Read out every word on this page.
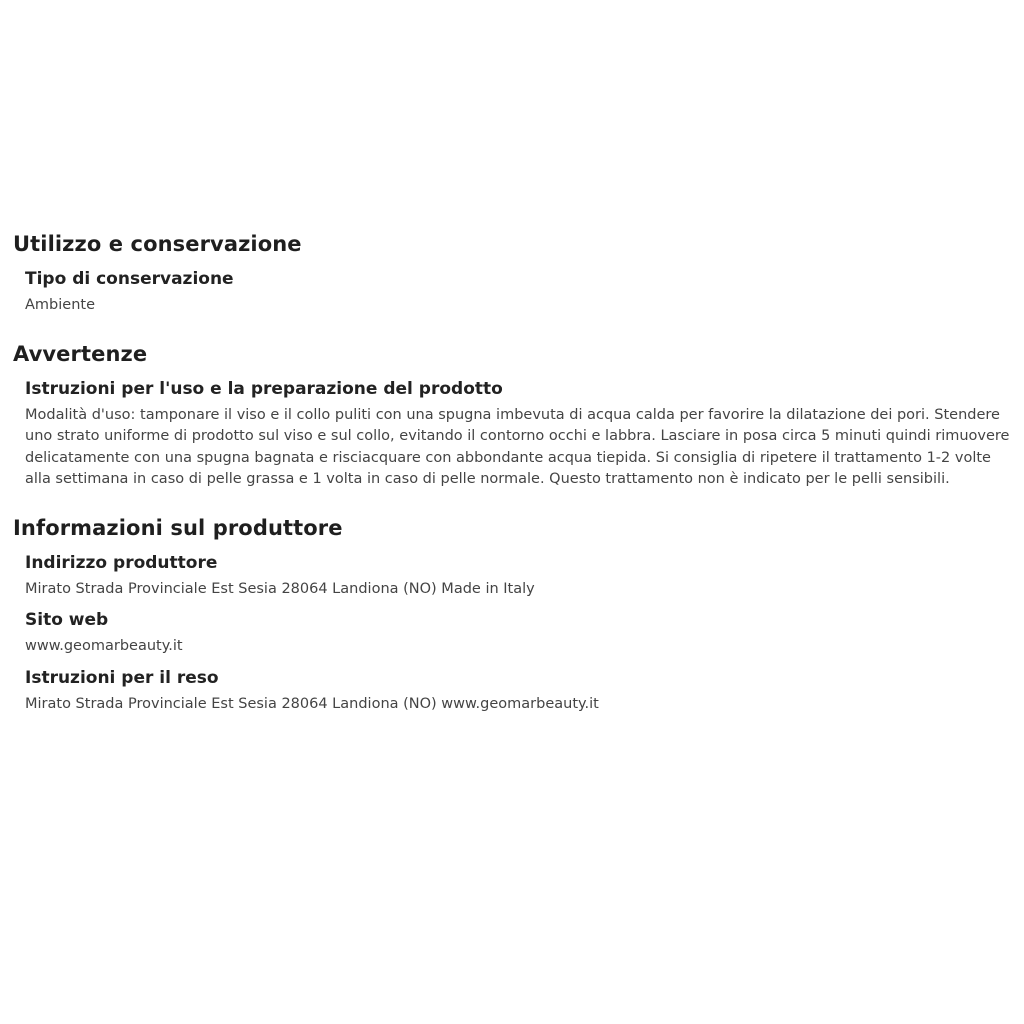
Utilizzo e conservazione
Tipo di conservazione
Ambiente
Avvertenze
Istruzioni per l'uso e la preparazione del prodotto
Modalità d'uso: tamponare il viso e il collo puliti con una spugna imbevuta di acqua calda per favorire la dilatazione dei pori. Stendere uno strato uniforme di prodotto sul viso e sul collo, evitando il contorno occhi e labbra. Lasciare in posa circa 5 minuti quindi rimuovere delicatamente con una spugna bagnata e risciacquare con abbondante acqua tiepida. Si consiglia di ripetere il trattamento 1-2 volte alla settimana in caso di pelle grassa e 1 volta in caso di pelle normale. Questo trattamento non è indicato per le pelli sensibili.
Informazioni sul produttore
Indirizzo produttore
Mirato Strada Provinciale Est Sesia 28064 Landiona (NO) Made in Italy
Sito web
www.geomarbeauty.it
Istruzioni per il reso
Mirato Strada Provinciale Est Sesia 28064 Landiona (NO) www.geomarbeauty.it
